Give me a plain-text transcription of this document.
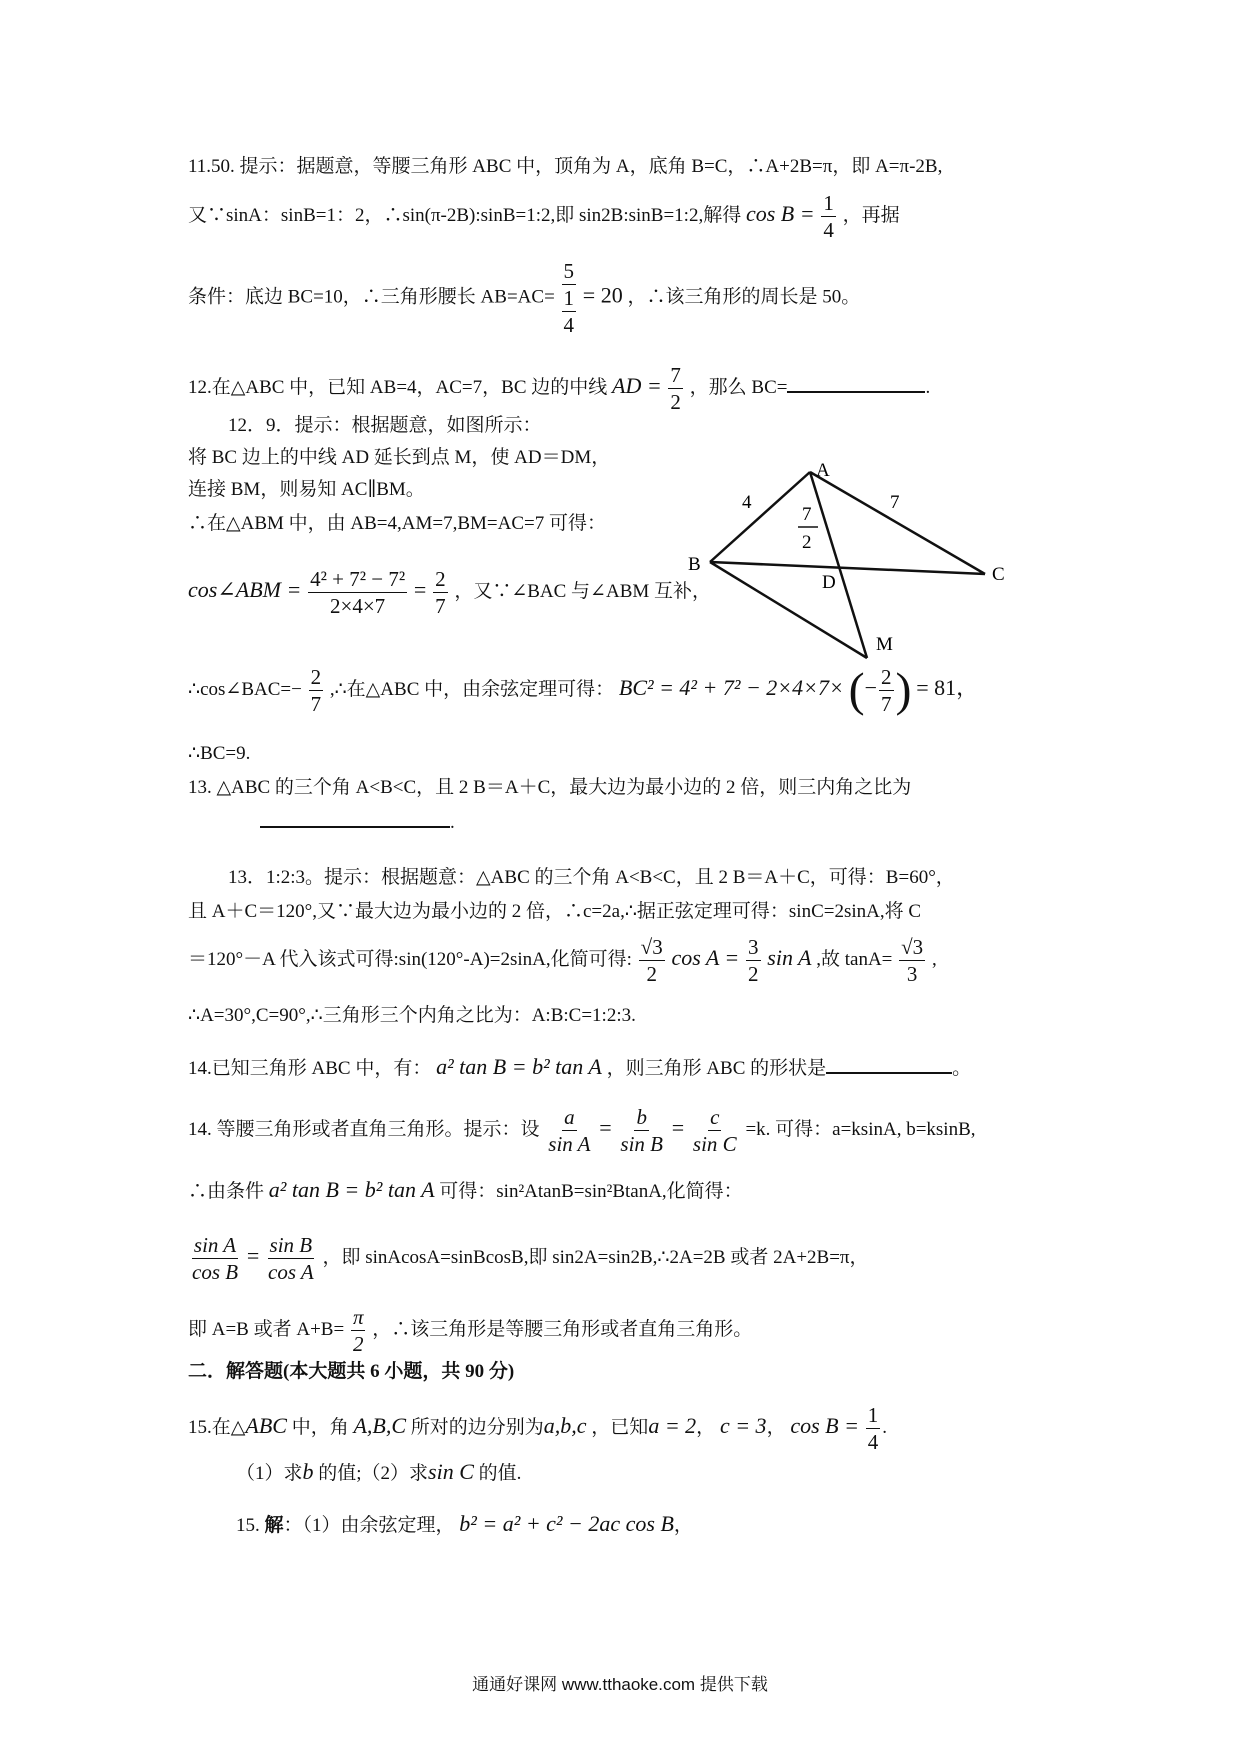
11.50. 提示：据题意，等腰三角形 ABC 中，顶角为 A，底角 B=C，∴A+2B=π，即 A=π-2B,
又∵sinA：sinB=1：2，∴sin(π-2B):sinB=1:2,即 sin2B:sinB=1:2,解得 $\cos B = \frac{1}{4}$ ，再据
条件：底边 BC=10，∴三角形腰长 AB=AC=
5
1
4
= 20 ，∴该三角形的周长是 50。
12.在△ABC 中，已知 AB=4，AC=7，BC 边的中线 AD = $\frac{7}{2}$ ，那么 BC=	.
12．9．提示：根据题意，如图所示：
将 BC 边上的中线 AD 延长到点 M，使 AD＝DM，
连接 BM，则易知 AC∥BM。
∴在△ABM 中，由 AB=4,AM=7,BM=AC=7 可得：
cos∠ABM = $\frac{\text{4² + 7² − 7²}}{2\times 4\times 7} = \frac{2}{7}$ ，又∵∠BAC 与∠ABM 互补，
A
B	C
D
M
4	7
7
2
∴cos∠BAC=− $\frac{2}{7}$ ,∴在△ABC 中，由余弦定理可得： BC² = 4² + 7² − 2×4×7× (− $\frac{2}{7}$ ) = 81，
∴BC=9.
13. △ABC 的三个角 A<B<C，且 2 B＝A＋C，最大边为最小边的 2 倍，则三内角之比为
.
13．1:2:3。提示：根据题意：△ABC 的三个角 A<B<C，且 2 B＝A＋C，可得：B=60°，
且 A＋C＝120°,又∵最大边为最小边的 2 倍，∴c=2a,∴据正弦定理可得：sinC=2sinA,将 C
＝120°－A 代入该式可得:sin(120°-A)=2sinA,化简可得: $\frac{√3}{2}$ $\cos A = \frac{3}{2}$ sin A ,故 $\tan A= \frac{√3}{3}$ ,
∴A=30°,C=90°,∴三角形三个内角之比为：A:B:C=1:2:3.
14.已知三角形 ABC 中，有： a² tan B = b² tan A ，则三角形 ABC 的形状是	。
14. 等腰三角形或者直角三角形。提示：设 $\frac{a}{\text{sin A}} = \frac{b}{\text{sin B}} = \frac{c}{\text{sin C}} =k$. 可得：a=ksinA, b=ksinB,
∴由条件 a² tan B = b² tan A 可得：sin²AtanB=sin²BtanA,化简得：
$\frac{\text{sin A}}{\text{cos B}} = \frac{\text{sin B}}{\text{cos A}}$ ，即 sinAcosA=sinBcosB,即 sin2A=sin2B,∴2A=2B 或者 2A+2B=π，
即 A=B 或者 $A+B= \frac{\pi}{2}$ ，∴该三角形是等腰三角形或者直角三角形。
二．解答题(本大题共 6 小题，共 90 分)
15.在△ABC 中，角 A,B,C 所对的边分别为a,b,c ，已知a = 2， c = 3， $\cos B = \frac{1}{4}$ .
（1）求b 的值;（2）求sin C 的值.
15. 解：（1）由余弦定理， b² = a² + c² − 2ac cos B，
通通好课网 www.tthaoke.com 提供下载
